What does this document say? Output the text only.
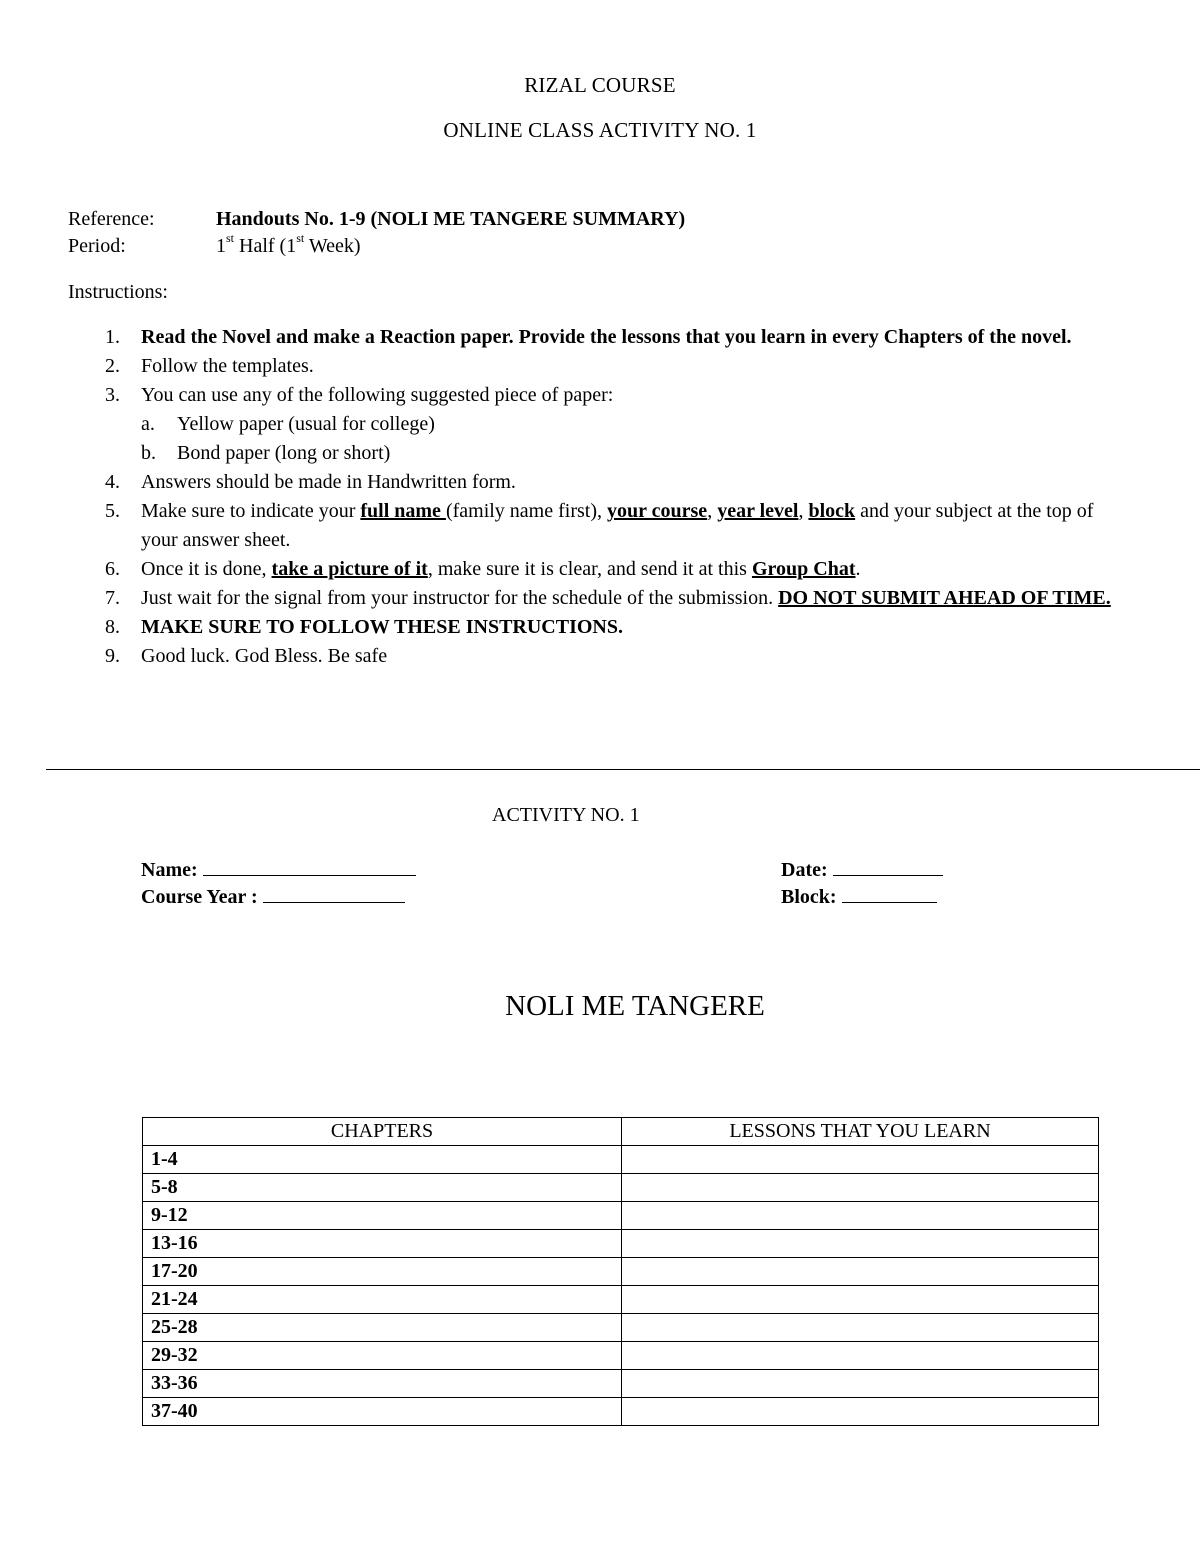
RIZAL COURSE
ONLINE CLASS ACTIVITY NO. 1
Reference:	Handouts No. 1-9 (NOLI ME TANGERE SUMMARY)
Period:	1st Half (1st Week)
Instructions:
1. Read the Novel and make a Reaction paper. Provide the lessons that you learn in every Chapters of the novel.
2. Follow the templates.
3. You can use any of the following suggested piece of paper:
a. Yellow paper (usual for college)
b. Bond paper (long or short)
4. Answers should be made in Handwritten form.
5. Make sure to indicate your full name (family name first), your course, year level, block and your subject at the top of your answer sheet.
6. Once it is done, take a picture of it, make sure it is clear, and send it at this Group Chat.
7. Just wait for the signal from your instructor for the schedule of the submission. DO NOT SUBMIT AHEAD OF TIME.
8. MAKE SURE TO FOLLOW THESE INSTRUCTIONS.
9. Good luck. God Bless. Be safe
ACTIVITY NO. 1
Name:
Course Year :
Date:
Block:
NOLI ME TANGERE
CHAPTERS	LESSONS THAT YOU LEARN
1-4	
5-8	
9-12	
13-16	
17-20	
21-24	
25-28	
29-32	
33-36	
37-40	
